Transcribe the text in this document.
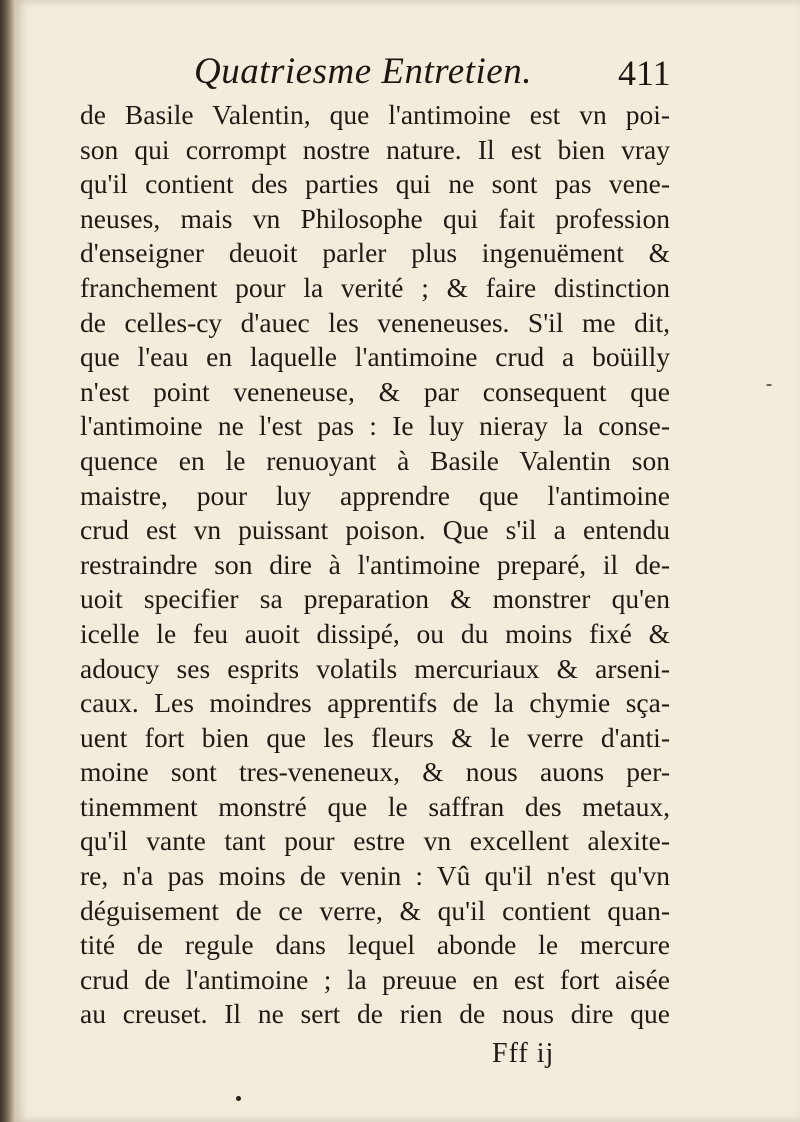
Quatriesme Entretien. 411
de Basile Valentin, que l'antimoine est vn poi-
son qui corrompt nostre nature. Il est bien vray
qu'il contient des parties qui ne sont pas vene-
neuses, mais vn Philosophe qui fait profession
d'enseigner deuoit parler plus ingenuëment &
franchement pour la verité ; & faire distinction
de celles-cy d'auec les veneneuses. S'il me dit,
que l'eau en laquelle l'antimoine crud a boüilly
n'est point veneneuse, & par consequent que
l'antimoine ne l'est pas : Ie luy nieray la conse-
quence en le renuoyant à Basile Valentin son
maistre, pour luy apprendre que l'antimoine
crud est vn puissant poison. Que s'il a entendu
restraindre son dire à l'antimoine preparé, il de-
uoit specifier sa preparation & monstrer qu'en
icelle le feu auoit dissipé, ou du moins fixé &
adoucy ses esprits volatils mercuriaux & arseni-
caux. Les moindres apprentifs de la chymie sça-
uent fort bien que les fleurs & le verre d'anti-
moine sont tres-veneneux, & nous auons per-
tinemment monstré que le saffran des metaux,
qu'il vante tant pour estre vn excellent alexite-
re, n'a pas moins de venin : Vû qu'il n'est qu'vn
déguisement de ce verre, & qu'il contient quan-
tité de regule dans lequel abonde le mercure
crud de l'antimoine ; la preuue en est fort aisée
au creuset. Il ne sert de rien de nous dire que
Fff ij
